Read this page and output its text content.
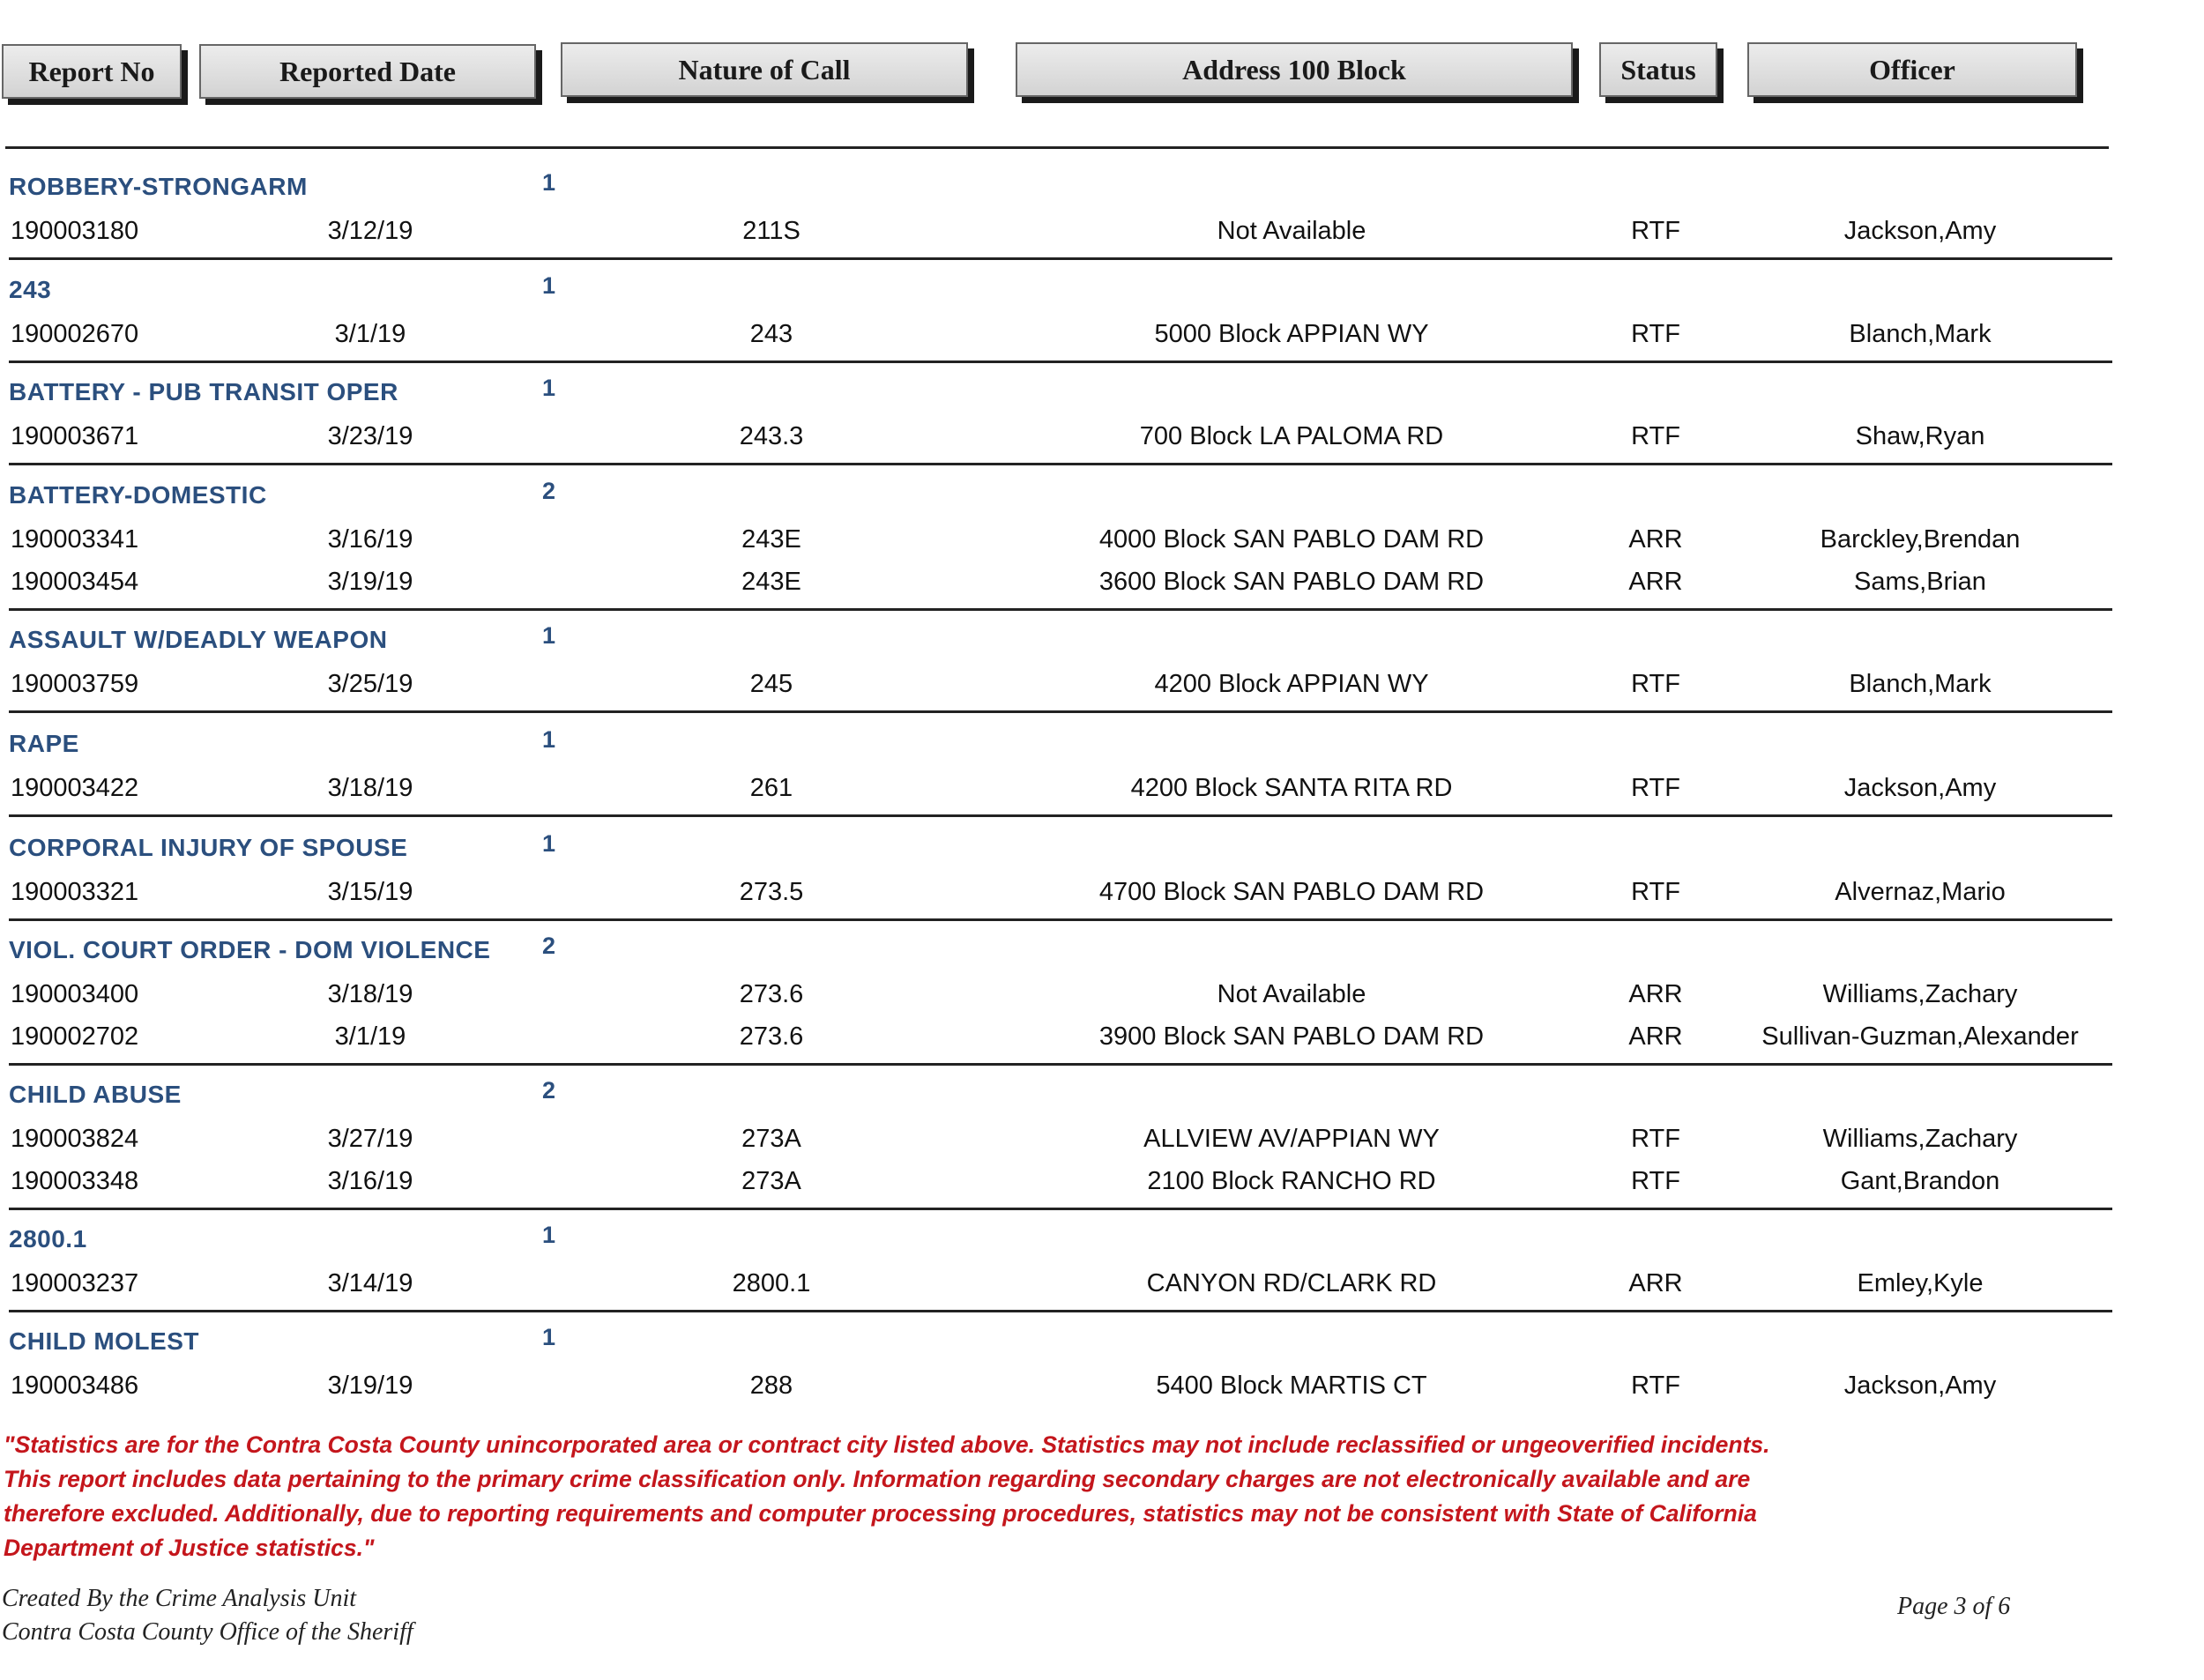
Report No	Reported Date	Nature of Call	Address 100 Block	Status	Officer
ROBBERY-STRONGARM	1
190003180	3/12/19	211S	Not Available	RTF	Jackson,Amy
243	1
190002670	3/1/19	243	5000 Block APPIAN WY	RTF	Blanch,Mark
BATTERY - PUB TRANSIT OPER	1
190003671	3/23/19	243.3	700 Block LA PALOMA RD	RTF	Shaw,Ryan
BATTERY-DOMESTIC	2
190003341	3/16/19	243E	4000 Block SAN PABLO DAM RD	ARR	Barckley,Brendan
190003454	3/19/19	243E	3600 Block SAN PABLO DAM RD	ARR	Sams,Brian
ASSAULT W/DEADLY WEAPON	1
190003759	3/25/19	245	4200 Block APPIAN WY	RTF	Blanch,Mark
RAPE	1
190003422	3/18/19	261	4200 Block SANTA RITA RD	RTF	Jackson,Amy
CORPORAL INJURY OF SPOUSE	1
190003321	3/15/19	273.5	4700 Block SAN PABLO DAM RD	RTF	Alvernaz,Mario
VIOL. COURT ORDER - DOM VIOLENCE 2
190003400	3/18/19	273.6	Not Available	ARR	Williams,Zachary
190002702	3/1/19	273.6	3900 Block SAN PABLO DAM RD	ARR	Sullivan-Guzman,Alexander
CHILD ABUSE	2
190003824	3/27/19	273A	ALLVIEW AV/APPIAN WY	RTF	Williams,Zachary
190003348	3/16/19	273A	2100 Block RANCHO RD	RTF	Gant,Brandon
2800.1	1
190003237	3/14/19	2800.1	CANYON RD/CLARK RD	ARR	Emley,Kyle
CHILD MOLEST	1
190003486	3/19/19	288	5400 Block MARTIS CT	RTF	Jackson,Amy
"Statistics are for the Contra Costa County unincorporated area or contract city listed above. Statistics may not include reclassified or ungeoverified incidents. This report includes data pertaining to the primary crime classification only. Information regarding secondary charges are not electronically available and are therefore excluded. Additionally, due to reporting requirements and computer processing procedures, statistics may not be consistent with State of California Department of Justice statistics."
Created By the Crime Analysis Unit
Contra Costa County Office of the Sheriff
Page 3 of 6
